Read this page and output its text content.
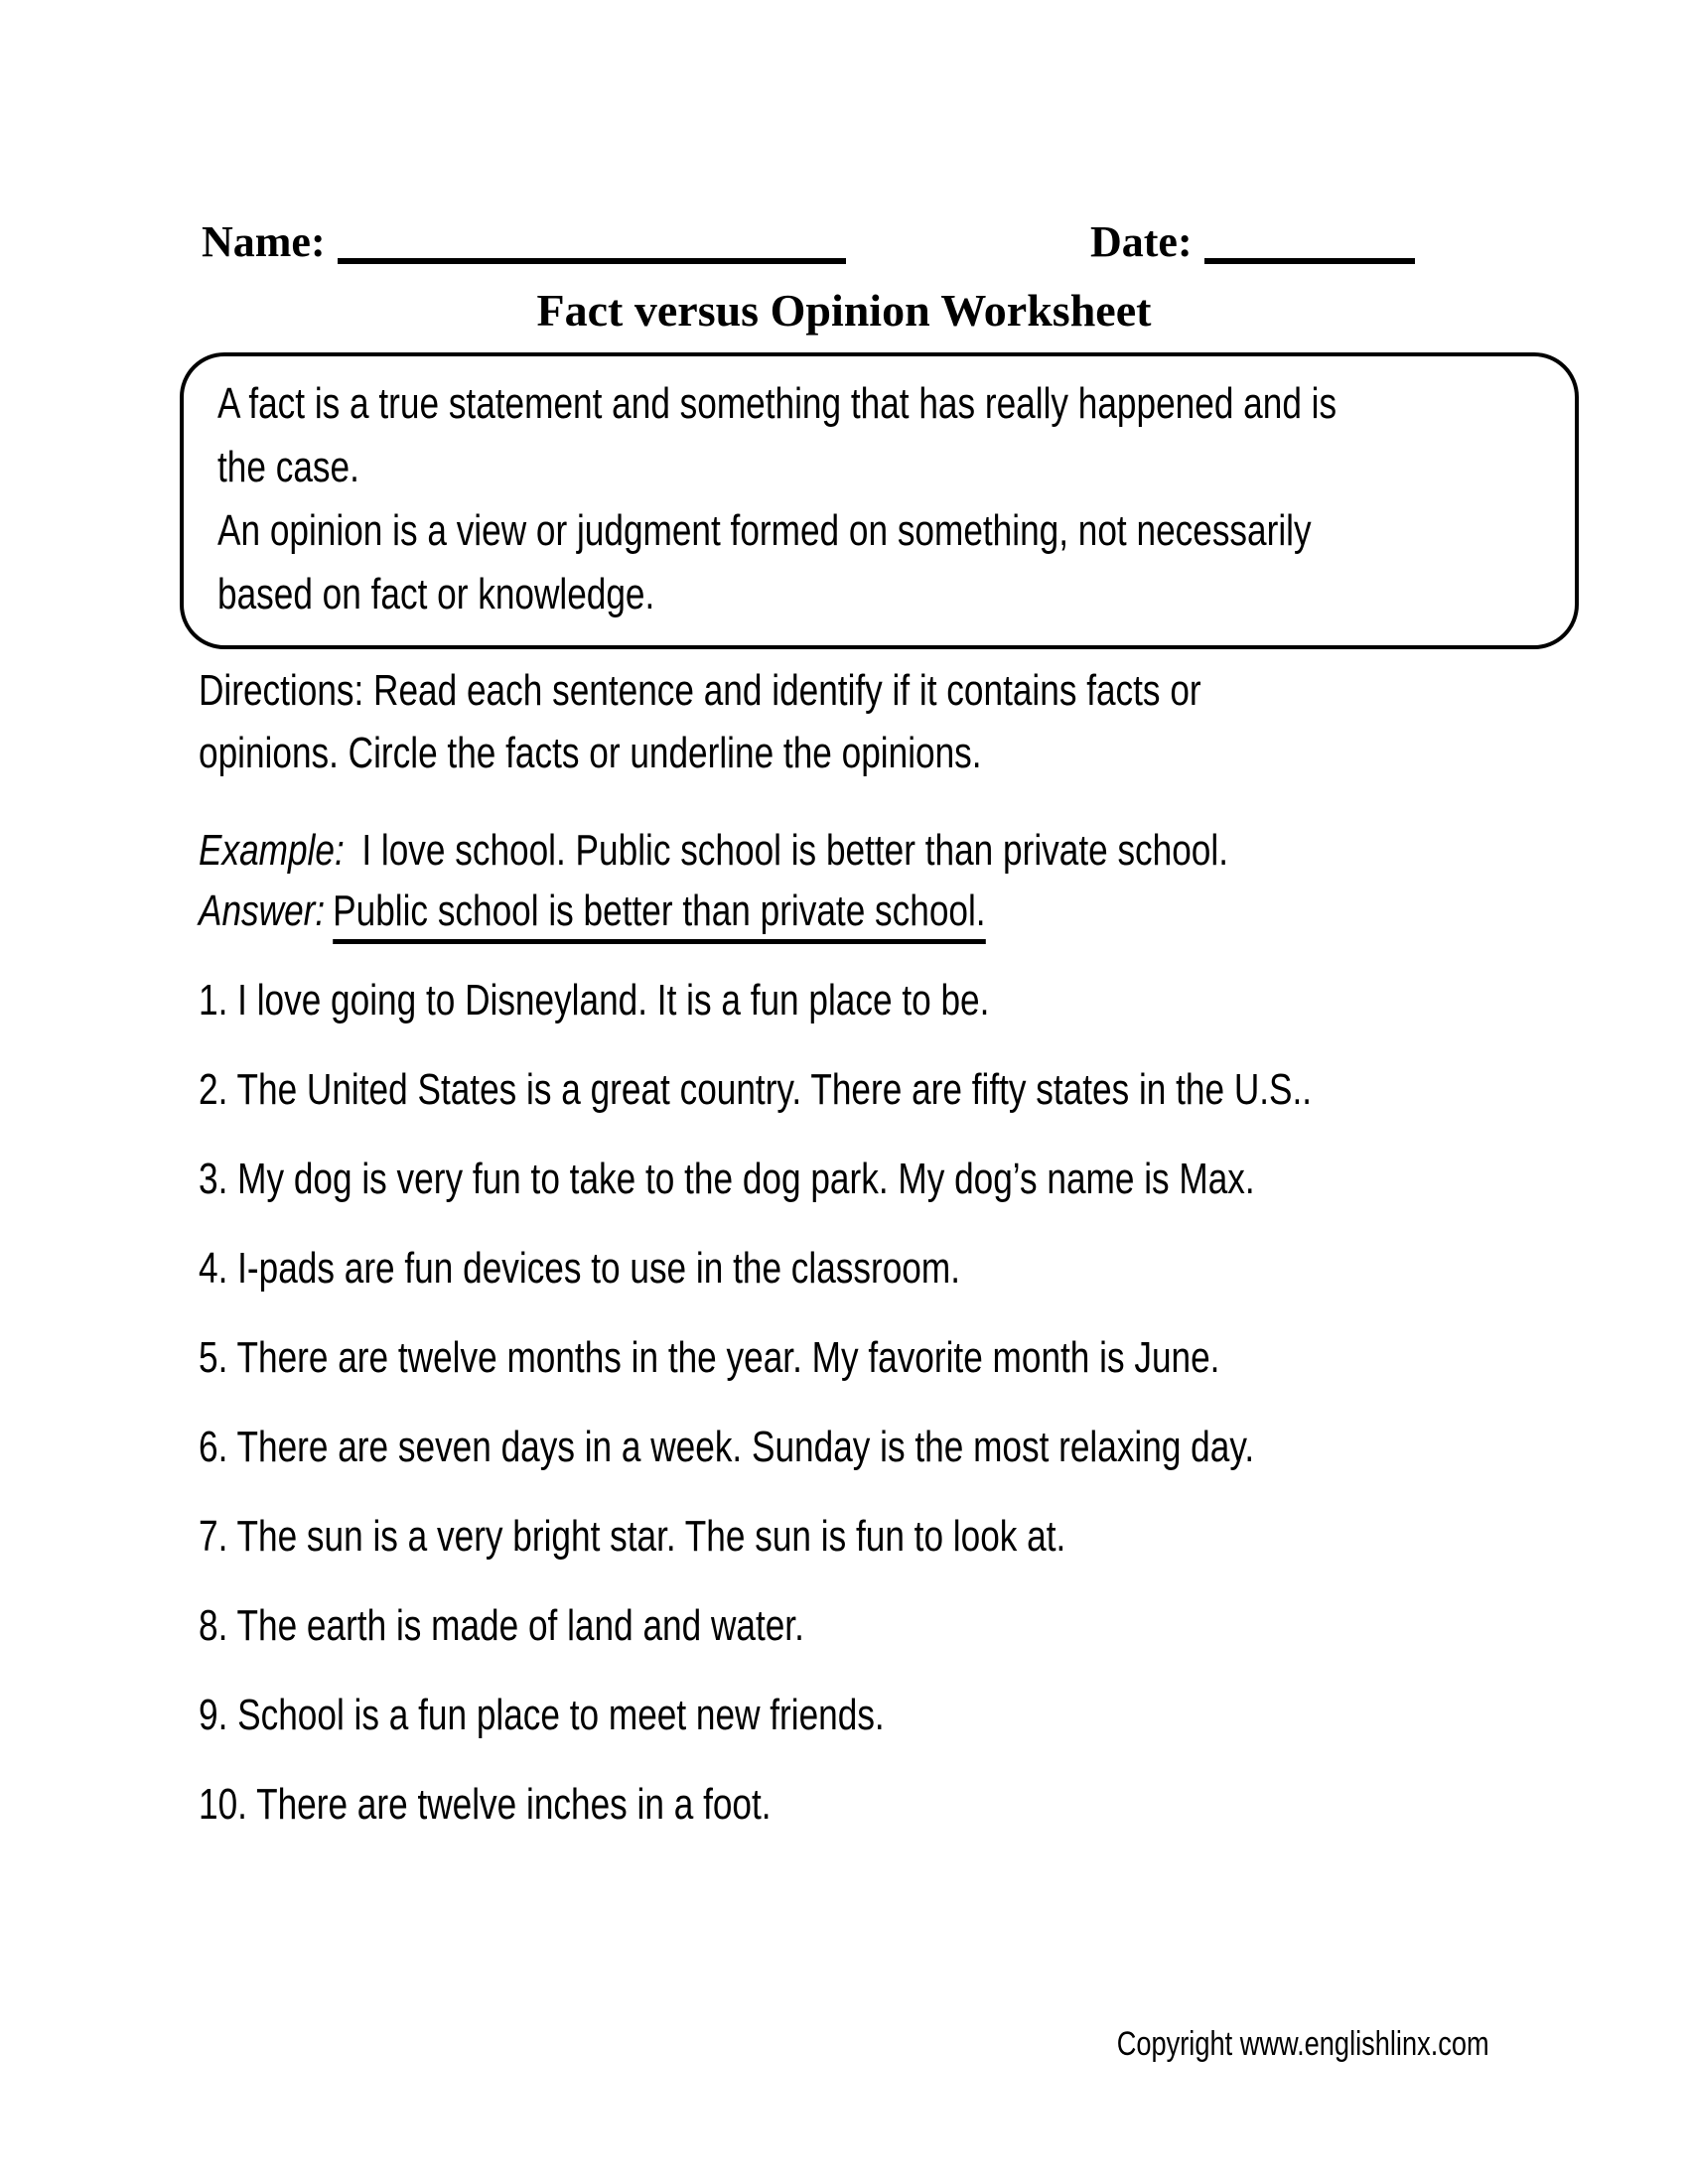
Name:	Date:
Fact versus Opinion Worksheet
A fact is a true statement and something that has really happened and is
the case.
An opinion is a view or judgment formed on something, not necessarily
based on fact or knowledge.
Directions: Read each sentence and identify if it contains facts or
opinions. Circle the facts or underline the opinions.
Example: I love school. Public school is better than private school.
Answer: Public school is better than private school.
1. I love going to Disneyland. It is a fun place to be.
2. The United States is a great country. There are fifty states in the U.S..
3. My dog is very fun to take to the dog park. My dog’s name is Max.
4. I-pads are fun devices to use in the classroom.
5. There are twelve months in the year. My favorite month is June.
6. There are seven days in a week. Sunday is the most relaxing day.
7. The sun is a very bright star. The sun is fun to look at.
8. The earth is made of land and water.
9. School is a fun place to meet new friends.
10. There are twelve inches in a foot.
Copyright www.englishlinx.com
